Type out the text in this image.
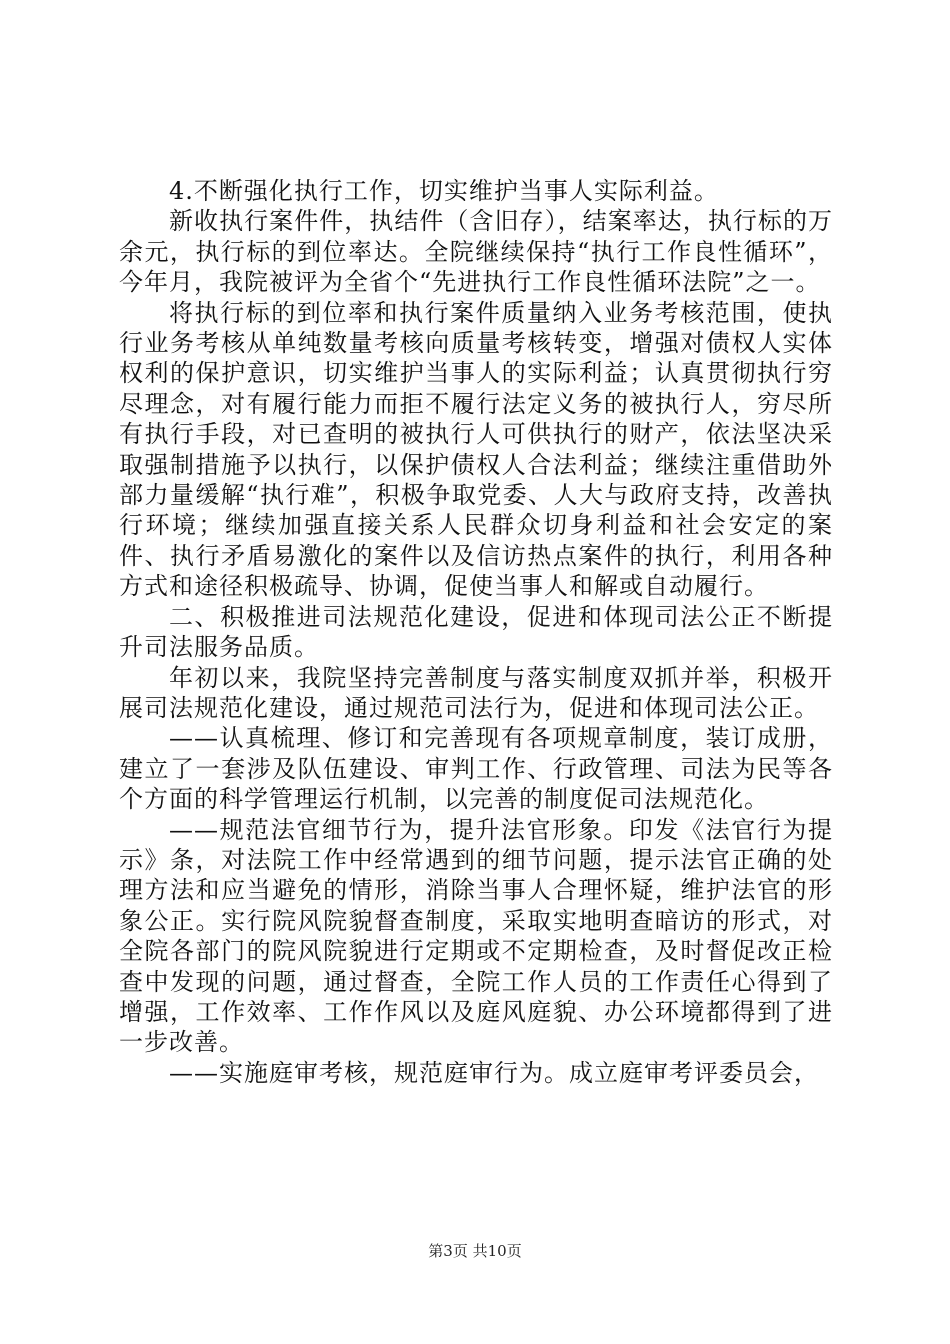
4.不断强化执行工作，切实维护当事人实际利益。

新收执行案件件，执结件（含旧存），结案率达，执行标的万余元，执行标的到位率达。全院继续保持“执行工作良性循环”，今年月，我院被评为全省个“先进执行工作良性循环法院”之一。

将执行标的到位率和执行案件质量纳入业务考核范围，使执行业务考核从单纯数量考核向质量考核转变，增强对债权人实体权利的保护意识，切实维护当事人的实际利益；认真贯彻执行穷尽理念，对有履行能力而拒不履行法定义务的被执行人，穷尽所有执行手段，对已查明的被执行人可供执行的财产，依法坚决采取强制措施予以执行，以保护债权人合法利益；继续注重借助外部力量缓解“执行难”，积极争取党委、人大与政府支持，改善执行环境；继续加强直接关系人民群众切身利益和社会安定的案件、执行矛盾易激化的案件以及信访热点案件的执行，利用各种方式和途径积极疏导、协调，促使当事人和解或自动履行。

二、积极推进司法规范化建设，促进和体现司法公正不断提升司法服务品质。

年初以来，我院坚持完善制度与落实制度双抓并举，积极开展司法规范化建设，通过规范司法行为，促进和体现司法公正。

——认真梳理、修订和完善现有各项规章制度，装订成册，建立了一套涉及队伍建设、审判工作、行政管理、司法为民等各个方面的科学管理运行机制，以完善的制度促司法规范化。

——规范法官细节行为，提升法官形象。印发《法官行为提示》条，对法院工作中经常遇到的细节问题，提示法官正确的处理方法和应当避免的情形，消除当事人合理怀疑，维护法官的形象公正。实行院风院貌督查制度，采取实地明查暗访的形式，对全院各部门的院风院貌进行定期或不定期检查，及时督促改正检查中发现的问题，通过督查，全院工作人员的工作责任心得到了增强，工作效率、工作作风以及庭风庭貌、办公环境都得到了进一步改善。

——实施庭审考核，规范庭审行为。成立庭审考评委员会，

第3页 共10页
